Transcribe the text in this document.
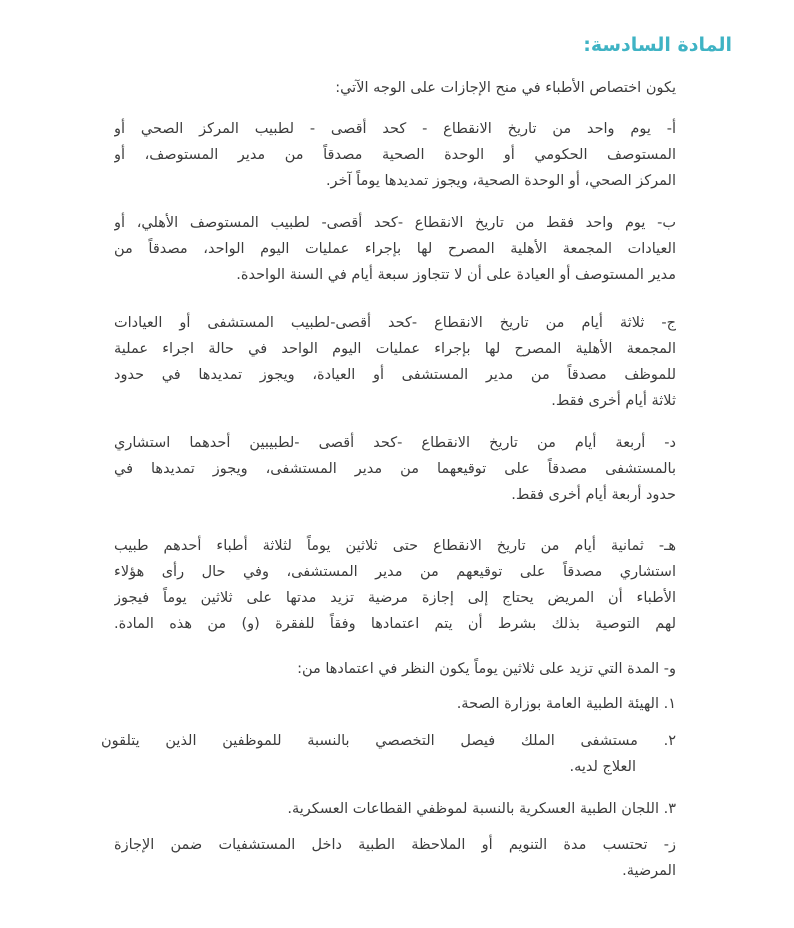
المادة السادسة:
يكون اختصاص الأطباء في منح الإجازات على الوجه الآتي:
أ- يوم واحد من تاريخ الانقطاع - كحد أقصى - لطبيب المركز الصحي أو
المستوصف الحكومي أو الوحدة الصحية مصدقاً من مدير المستوصف، أو
المركز الصحي، أو الوحدة الصحية، ويجوز تمديدها يوماً آخر.
ب- يوم واحد فقط من تاريخ الانقطاع -كحد أقصى- لطبيب المستوصف الأهلي، أو
العيادات المجمعة الأهلية المصرح لها بإجراء عمليات اليوم الواحد، مصدقاً من
مدير المستوصف أو العيادة على أن لا تتجاوز سبعة أيام في السنة الواحدة.
ج- ثلاثة أيام من تاريخ الانقطاع -كحد أقصى-لطبيب المستشفى أو العيادات
المجمعة الأهلية المصرح لها بإجراء عمليات اليوم الواحد في حالة اجراء عملية
للموظف مصدقاً من مدير المستشفى أو العيادة، ويجوز تمديدها في حدود
ثلاثة أيام أخرى فقط.
د- أربعة أيام من تاريخ الانقطاع -كحد أقصى -لطبيبين أحدهما استشاري
بالمستشفى مصدقاً على توقيعهما من مدير المستشفى، ويجوز تمديدها في
حدود أربعة أيام أخرى فقط.
هـ- ثمانية أيام من تاريخ الانقطاع حتى ثلاثين يوماً لثلاثة أطباء أحدهم طبيب
استشاري مصدقاً على توقيعهم من مدير المستشفى، وفي حال رأى هؤلاء
الأطباء أن المريض يحتاج إلى إجازة مرضية تزيد مدتها على ثلاثين يوماً فيجوز
لهم التوصية بذلك بشرط أن يتم اعتمادها وفقاً للفقرة (و) من هذه المادة.
و- المدة التي تزيد على ثلاثين يوماً يكون النظر في اعتمادها من:
١. الهيئة الطبية العامة بوزارة الصحة.
٢. مستشفى الملك فيصل التخصصي بالنسبة للموظفين الذين يتلقون
العلاج لديه.
٣. اللجان الطبية العسكرية بالنسبة لموظفي القطاعات العسكرية.
ز- تحتسب مدة التنويم أو الملاحظة الطبية داخل المستشفيات ضمن الإجازة
المرضية.
